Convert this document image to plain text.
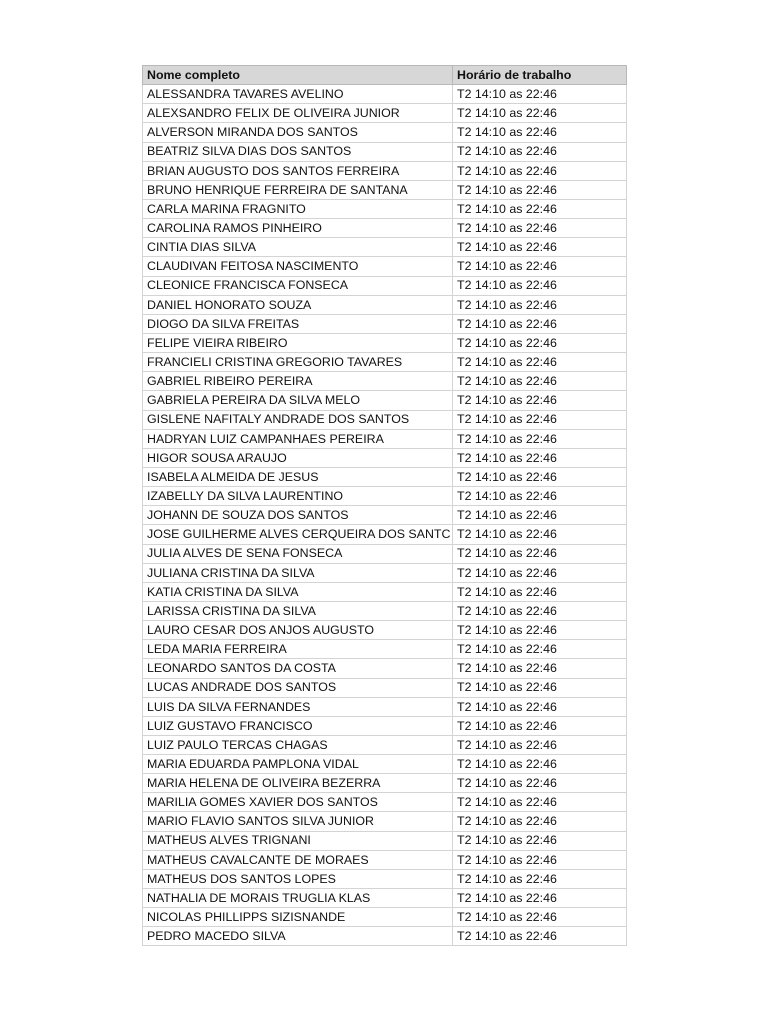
Nome completo	Horário de trabalho
ALESSANDRA TAVARES AVELINO	T2 14:10 as 22:46
ALEXSANDRO FELIX DE OLIVEIRA JUNIOR	T2 14:10 as 22:46
ALVERSON MIRANDA DOS SANTOS	T2 14:10 as 22:46
BEATRIZ SILVA DIAS DOS SANTOS	T2 14:10 as 22:46
BRIAN AUGUSTO DOS SANTOS FERREIRA	T2 14:10 as 22:46
BRUNO HENRIQUE FERREIRA DE SANTANA	T2 14:10 as 22:46
CARLA MARINA FRAGNITO	T2 14:10 as 22:46
CAROLINA RAMOS PINHEIRO	T2 14:10 as 22:46
CINTIA DIAS SILVA	T2 14:10 as 22:46
CLAUDIVAN FEITOSA NASCIMENTO	T2 14:10 as 22:46
CLEONICE FRANCISCA FONSECA	T2 14:10 as 22:46
DANIEL HONORATO SOUZA	T2 14:10 as 22:46
DIOGO DA SILVA FREITAS	T2 14:10 as 22:46
FELIPE VIEIRA RIBEIRO	T2 14:10 as 22:46
FRANCIELI CRISTINA GREGORIO TAVARES	T2 14:10 as 22:46
GABRIEL RIBEIRO PEREIRA	T2 14:10 as 22:46
GABRIELA PEREIRA DA SILVA MELO	T2 14:10 as 22:46
GISLENE NAFITALY ANDRADE DOS SANTOS	T2 14:10 as 22:46
HADRYAN LUIZ CAMPANHAES PEREIRA	T2 14:10 as 22:46
HIGOR SOUSA ARAUJO	T2 14:10 as 22:46
ISABELA ALMEIDA DE JESUS	T2 14:10 as 22:46
IZABELLY DA SILVA LAURENTINO	T2 14:10 as 22:46
JOHANN DE SOUZA DOS SANTOS	T2 14:10 as 22:46
JOSE GUILHERME ALVES CERQUEIRA DOS SANTC	T2 14:10 as 22:46
JULIA ALVES DE SENA FONSECA	T2 14:10 as 22:46
JULIANA CRISTINA DA SILVA	T2 14:10 as 22:46
KATIA CRISTINA DA SILVA	T2 14:10 as 22:46
LARISSA CRISTINA DA SILVA	T2 14:10 as 22:46
LAURO CESAR DOS ANJOS AUGUSTO	T2 14:10 as 22:46
LEDA MARIA FERREIRA	T2 14:10 as 22:46
LEONARDO SANTOS DA COSTA	T2 14:10 as 22:46
LUCAS ANDRADE DOS SANTOS	T2 14:10 as 22:46
LUIS DA SILVA FERNANDES	T2 14:10 as 22:46
LUIZ GUSTAVO FRANCISCO	T2 14:10 as 22:46
LUIZ PAULO TERCAS CHAGAS	T2 14:10 as 22:46
MARIA EDUARDA PAMPLONA VIDAL	T2 14:10 as 22:46
MARIA HELENA DE OLIVEIRA BEZERRA	T2 14:10 as 22:46
MARILIA GOMES XAVIER DOS SANTOS	T2 14:10 as 22:46
MARIO FLAVIO SANTOS SILVA JUNIOR	T2 14:10 as 22:46
MATHEUS ALVES TRIGNANI	T2 14:10 as 22:46
MATHEUS CAVALCANTE DE MORAES	T2 14:10 as 22:46
MATHEUS DOS SANTOS LOPES	T2 14:10 as 22:46
NATHALIA DE MORAIS TRUGLIA KLAS	T2 14:10 as 22:46
NICOLAS PHILLIPPS SIZISNANDE	T2 14:10 as 22:46
PEDRO MACEDO SILVA	T2 14:10 as 22:46
